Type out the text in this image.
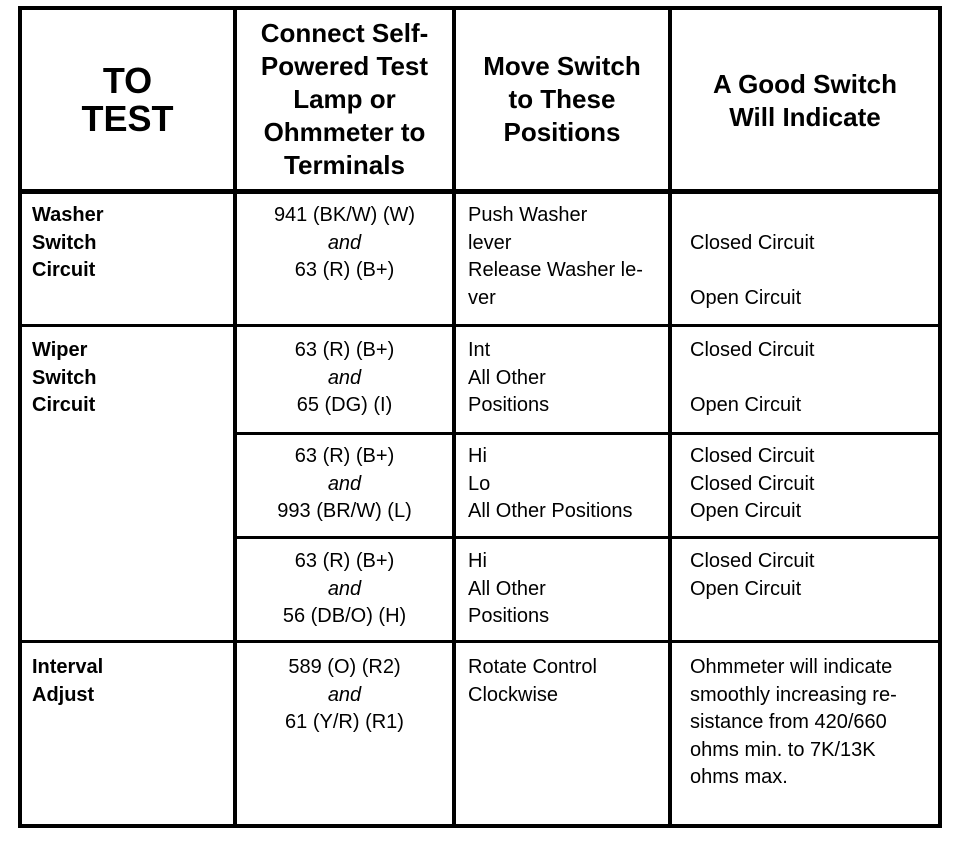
TO
TEST
Connect Self-
Powered Test
Lamp or
Ohmmeter to
Terminals
Move Switch
to These
Positions
A Good Switch
Will Indicate
Washer
Switch
Circuit
941 (BK/W) (W)
and
63 (R) (B+)
Push Washer
lever
Release Washer le-
ver
Closed Circuit
Open Circuit
Wiper
Switch
Circuit
63 (R) (B+)
and
65 (DG) (I)
Int
All Other
Positions
Closed Circuit
Open Circuit
63 (R) (B+)
and
993 (BR/W) (L)
Hi
Lo
All Other Positions
Closed Circuit
Closed Circuit
Open Circuit
63 (R) (B+)
and
56 (DB/O) (H)
Hi
All Other
Positions
Closed Circuit
Open Circuit
Interval
Adjust
589 (O) (R2)
and
61 (Y/R) (R1)
Rotate Control
Clockwise
Ohmmeter will indicate
smoothly increasing re-
sistance from 420/660
ohms min. to 7K/13K
ohms max.
